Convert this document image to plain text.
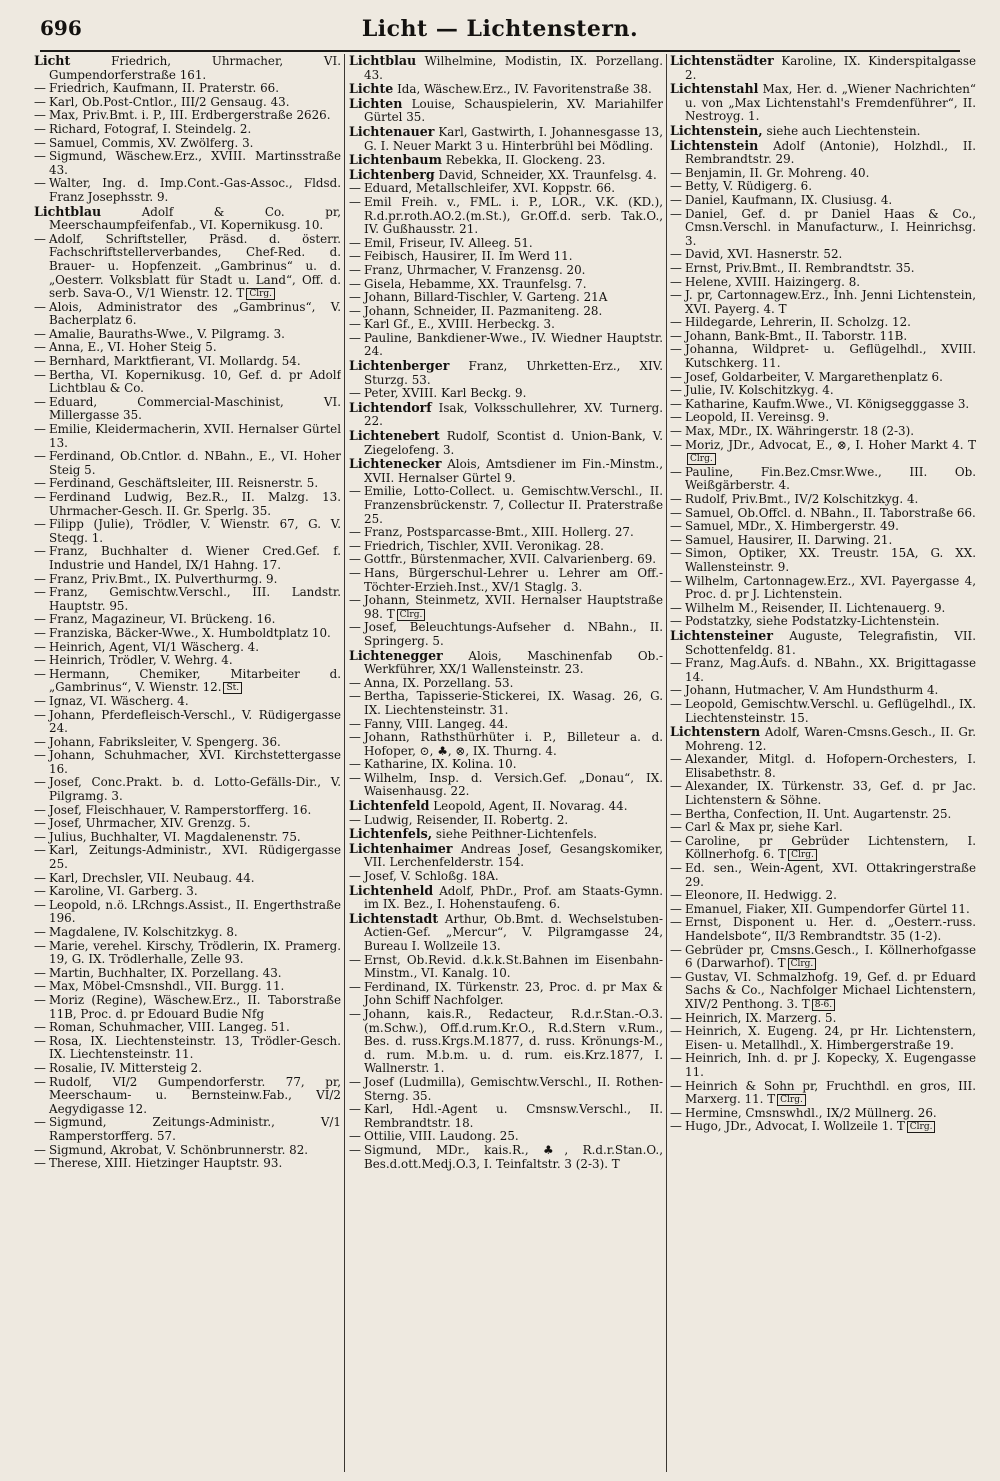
696	Licht — Lichtenstern.

Licht	Friedrich, Uhrmacher, VI. Gumpendorferstraße 161.

— Friedrich, Kaufmann, II. Praterstr. 66.

— Karl, Ob.Post-Cntlor., III/2 Gensaug. 43.

— Max, Priv.Bmt. i. P., III. Erdbergerstraße 2626.

— Richard, Fotograf, I. Steindelg. 2.

— Samuel, Commis, XV. Zwölferg. 3.

— Sigmund, Wäschew.Erz., XVIII. Martinsstraße 43.

— Walter, Ing. d. Imp.Cont.-Gas-Assoc., Fldsd. Franz Josephsstr. 9.

Lichtblau	Adolf & Co. pr, Meerschaumpfeifenfab., VI. Kopernikusg. 10.

— Adolf, Schriftsteller, Präsd. d. österr. Fachschriftstellerverbandes, Chef-Red. d. Brauer- u. Hopfenzeit. „Gambrinus“ u. d. „Oesterr. Volksblatt für Stadt u. Land“, Off. d. serb. Sava-O., V/1 Wienstr. 12. T Clrg.

— Alois, Administrator des „Gambrinus“, V. Bacherplatz 6.

— Amalie, Bauraths-Wwe., V. Pilgramg. 3.

— Anna, E., VI. Hoher Steig 5.

— Bernhard, Marktfierant, VI. Mollardg. 54.

— Bertha, VI. Kopernikusg. 10, Gef. d. pr Adolf Lichtblau & Co.

— Eduard, Commercial-Maschinist, VI. Millergasse 35.

— Emilie, Kleidermacherin, XVII. Hernalser Gürtel 13.

— Ferdinand, Ob.Cntlor. d. NBahn., E., VI. Hoher Steig 5.

— Ferdinand, Geschäftsleiter, III. Reisnerstr. 5.

— Ferdinand Ludwig, Bez.R., II. Malzg. 13. Uhrmacher-Gesch. II. Gr. Sperlg. 35.

— Filipp (Julie), Trödler, V. Wienstr. 67, G. V. Steqg. 1.

— Franz, Buchhalter d. Wiener Cred.Gef. f. Industrie und Handel, IX/1 Hahng. 17.

— Franz, Priv.Bmt., IX. Pulverthurmg. 9.

— Franz, Gemischtw.Verschl., III. Landstr. Hauptstr. 95.

— Franz, Magazineur, VI. Brückeng. 16.

— Franziska, Bäcker-Wwe., X. Humboldtplatz 10.

— Heinrich, Agent, VI/1 Wäscherg. 4.

— Heinrich, Trödler, V. Wehrg. 4.

— Hermann, Chemiker, Mitarbeiter d. „Gambrinus“, V. Wienstr. 12. St.

— Ignaz, VI. Wäscherg. 4.

— Johann, Pferdefleisch-Verschl., V. Rüdigergasse 24.

— Johann, Fabriksleiter, V. Spengerg. 36.

— Johann, Schuhmacher, XVI. Kirchstettergasse 16.

— Josef, Conc.Prakt. b. d. Lotto-Gefälls-Dir., V. Pilgramg. 3.

— Josef, Fleischhauer, V. Ramperstorfferg. 16.

— Josef, Uhrmacher, XIV. Grenzg. 5.

— Julius, Buchhalter, VI. Magdalenenstr. 75.

— Karl, Zeitungs-Administr., XVI. Rüdigergasse 25.

— Karl, Drechsler, VII. Neubaug. 44.

— Karoline, VI. Garberg. 3.

— Leopold, n.ö. LRchngs.Assist., II. Engerthstraße 196.

— Magdalene, IV. Kolschitzkyg. 8.

— Marie, verehel. Kirschy, Trödlerin, IX. Pramerg. 19, G. IX. Trödlerhalle, Zelle 93.

— Martin, Buchhalter, IX. Porzellang. 43.

— Max, Möbel-Cmsnshdl., VII. Burgg. 11.

— Moriz (Regine), Wäschew.Erz., II. Taborstraße 11B, Proc. d. pr Edouard Budie Nfg

— Roman, Schuhmacher, VIII. Langeg. 51.

— Rosa, IX. Liechtensteinstr. 13, Trödler-Gesch. IX. Liechtensteinstr. 11.

— Rosalie, IV. Mittersteig 2.

— Rudolf, VI/2 Gumpendorferstr. 77, pr, Meerschaum- u. Bernsteinw.Fab., VI/2 Aegydigasse 12.

— Sigmund, Zeitungs-Administr., V/1 Ramperstorfferg. 57.

— Sigmund, Akrobat, V. Schönbrunnerstr. 82.

— Therese, XIII. Hietzinger Hauptstr. 93.

Lichtblau Wilhelmine, Modistin, IX. Porzellang. 43.

Lichte Ida, Wäschew.Erz., IV. Favoritenstraße 38.

Lichten Louise, Schauspielerin, XV. Mariahilfer Gürtel 35.

Lichtenauer Karl, Gastwirth, I. Johannesgasse 13, G. I. Neuer Markt 3 u. Hinterbrühl bei Mödling.

Lichtenbaum Rebekka, II. Glockeng. 23.

Lichtenberg David, Schneider, XX. Traunfelsg. 4.

— Eduard, Metallschleifer, XVI. Koppstr. 66.

— Emil Freih. v., FML. i. P., LOR., V.K. (KD.), R.d.pr.roth.AO.2.(m.St.), Gr.Off.d. serb. Tak.O., IV. Gußhausstr. 21.

— Emil, Friseur, IV. Alleeg. 51.

— Feibisch, Hausirer, II. Im Werd 11.

— Franz, Uhrmacher, V. Franzensg. 20.

— Gisela, Hebamme, XX. Traunfelsg. 7.

— Johann, Billard-Tischler, V. Garteng. 21A

— Johann, Schneider, II. Pazmaniteng. 28.

— Karl Gf., E., XVIII. Herbeckg. 3.

— Pauline, Bankdiener-Wwe., IV. Wiedner Hauptstr. 24.

Lichtenberger Franz, Uhrketten-Erz., XIV. Sturzg. 53.

— Peter, XVIII. Karl Beckg. 9.

Lichtendorf Isak, Volksschullehrer, XV. Turnerg. 22.

Lichtenebert Rudolf, Scontist d. Union-Bank, V. Ziegelofeng. 3.

Lichtenecker Alois, Amtsdiener im Fin.-Minstm., XVII. Hernalser Gürtel 9.

— Emilie, Lotto-Collect. u. Gemischtw.Verschl., II. Franzensbrückenstr. 7, Collectur II. Praterstraße 25.

— Franz, Postsparcasse-Bmt., XIII. Hollerg. 27.

— Friedrich, Tischler, XVII. Veronikag. 28.

— Gottfr., Bürstenmacher, XVII. Calvarienberg. 69.

— Hans, Bürgerschul-Lehrer u. Lehrer am Off.-Töchter-Erzieh.Inst., XV/1 Staglg. 3.

— Johann, Steinmetz, XVII. Hernalser Hauptstraße 98. T Clrg.

— Josef, Beleuchtungs-Aufseher d. NBahn., II. Springerg. 5.

Lichtenegger Alois, Maschinenfab Ob.-Werkführer, XX/1 Wallensteinstr. 23.

— Anna, IX. Porzellang. 53.

— Bertha, Tapisserie-Stickerei, IX. Wasag. 26, G. IX. Liechtensteinstr. 31.

— Fanny, VIII. Langeg. 44.

— Johann, Rathsthürhüter i. P., Billeteur a. d. Hofoper, ⊙, ♣, ⊗, IX. Thurng. 4.

— Katharine, IX. Kolina. 10.

— Wilhelm, Insp. d. Versich.Gef. „Donau“, IX. Waisenhausg. 22.

Lichtenfeld Leopold, Agent, II. Novarag. 44.

— Ludwig, Reisender, II. Robertg. 2.

Lichtenfels, siehe Peithner-Lichtenfels.

Lichtenhaimer Andreas Josef, Gesangskomiker, VII. Lerchenfelderstr. 154.

— Josef, V. Schloßg. 18A.

Lichtenheld Adolf, PhDr., Prof. am Staats-Gymn. im IX. Bez., I. Hohenstaufeng. 6.

Lichtenstadt Arthur, Ob.Bmt. d. Wechselstuben-Actien-Gef. „Mercur“, V. Pilgramgasse 24, Bureau I. Wollzeile 13.

— Ernst, Ob.Revid. d.k.k.St.Bahnen im Eisenbahn-Minstm., VI. Kanalg. 10.

— Ferdinand, IX. Türkenstr. 23, Proc. d. pr Max & John Schiff Nachfolger.

— Johann, kais.R., Redacteur, R.d.r.Stan.-O.3.(m.Schw.), Off.d.rum.Kr.O., R.d.Stern v.Rum., Bes. d. russ.Krgs.M.1877, d. russ. Krönungs-M., d. rum. M.b.m. u. d. rum. eis.Krz.1877, I. Wallnerstr. 1.

— Josef (Ludmilla), Gemischtw.Verschl., II. Rothen-Sterng. 35.

— Karl, Hdl.-Agent u. Cmsnsw.Verschl., II. Rembrandtstr. 18.

— Ottilie, VIII. Laudong. 25.

— Sigmund, MDr., kais.R., ♣, R.d.r.Stan.O., Bes.d.ott.Medj.O.3, I. Teinfaltstr. 3 (2-3). T

Lichtenstädter Karoline, IX. Kinderspitalgasse 2.

Lichtenstahl Max, Her. d. „Wiener Nachrichten“ u. von „Max Lichtenstahl's Fremdenführer“, II. Nestroyg. 1.

Lichtenstein, siehe auch Liechtenstein.

Lichtenstein Adolf (Antonie), Holzhdl., II. Rembrandtstr. 29.

— Benjamin, II. Gr. Mohreng. 40.

— Betty, V. Rüdigerg. 6.

— Daniel, Kaufmann, IX. Clusiusg. 4.

— Daniel, Gef. d. pr Daniel Haas & Co., Cmsn.Verschl. in Manufacturw., I. Heinrichsg. 3.

— David, XVI. Hasnerstr. 52.

— Ernst, Priv.Bmt., II. Rembrandtstr. 35.

— Helene, XVIII. Haizingerg. 8.

— J. pr, Cartonnagew.Erz., Inh. Jenni Lichtenstein, XVI. Payerg. 4. T

— Hildegarde, Lehrerin, II. Scholzg. 12.

— Johann, Bank-Bmt., II. Taborstr. 11B.

— Johanna, Wildpret- u. Geflügelhdl., XVIII. Kutschkerg. 11.

— Josef, Goldarbeiter, V. Margarethenplatz 6.

— Julie, IV. Kolschitzkyg. 4.

— Katharine, Kaufm.Wwe., VI. Königsegggasse 3.

— Leopold, II. Vereinsg. 9.

— Max, MDr., IX. Währingerstr. 18 (2-3).

— Moriz, JDr., Advocat, E., ⊗, I. Hoher Markt 4. TClrg.

— Pauline, Fin.Bez.Cmsr.Wwe., III. Ob. Weißgärberstr. 4.

— Rudolf, Priv.Bmt., IV/2 Kolschitzkyg. 4.

— Samuel, Ob.Offcl. d. NBahn., II. Taborstraße 66.

— Samuel, MDr., X. Himbergerstr. 49.

— Samuel, Hausirer, II. Darwing. 21.

— Simon, Optiker, XX. Treustr. 15A, G. XX. Wallensteinstr. 9.

— Wilhelm, Cartonnagew.Erz., XVI. Payergasse 4, Proc. d. pr J. Lichtenstein.

— Wilhelm M., Reisender, II. Lichtenauerg. 9.

— Podstatzky, siehe Podstatzky-Lichtenstein.

Lichtensteiner Auguste, Telegrafistin, VII. Schottenfeldg. 81.

— Franz, Mag.Aufs. d. NBahn., XX. Brigittagasse 14.

— Johann, Hutmacher, V. Am Hundsthurm 4.

— Leopold, Gemischtw.Verschl. u. Geflügelhdl., IX. Liechtensteinstr. 15.

Lichtenstern Adolf, Waren-Cmsns.Gesch., II. Gr. Mohreng. 12.

— Alexander, Mitgl. d. Hofopern-Orchesters, I. Elisabethstr. 8.

— Alexander, IX. Türkenstr. 33, Gef. d. pr Jac. Lichtenstern & Söhne.

— Bertha, Confection, II. Unt. Augartenstr. 25.

— Carl & Max pr, siehe Karl.

— Caroline, pr Gebrüder Lichtenstern, I. Köllnerhofg. 6. T Clrg.

— Ed. sen., Wein-Agent, XVI. Ottakringerstraße 29.

— Eleonore, II. Hedwigg. 2.

— Emanuel, Fiaker, XII. Gumpendorfer Gürtel 11.

— Ernst, Disponent u. Her. d. „Oesterr.-russ. Handelsbote“, II/3 Rembrandtstr. 35 (1-2).

— Gebrüder pr, Cmsns.Gesch., I. Köllnerhofgasse 6 (Darwarhof). T Clrg.

— Gustav, VI. Schmalzhofg. 19, Gef. d. pr Eduard Sachs & Co., Nachfolger Michael Lichtenstern, XIV/2 Penthong. 3. T 8-6.

— Heinrich, IX. Marzerg. 5.

— Heinrich, X. Eugeng. 24, pr Hr. Lichtenstern, Eisen- u. Metallhdl., X. Himbergerstraße 19.

— Heinrich, Inh. d. pr J. Kopecky, X. Eugengasse 11.

— Heinrich & Sohn pr, Fruchthdl. en gros, III. Marxerg. 11. T Clrg.

— Hermine, Cmsnswhdl., IX/2 Müllnerg. 26.

— Hugo, JDr., Advocat, I. Wollzeile 1. T Clrg.
